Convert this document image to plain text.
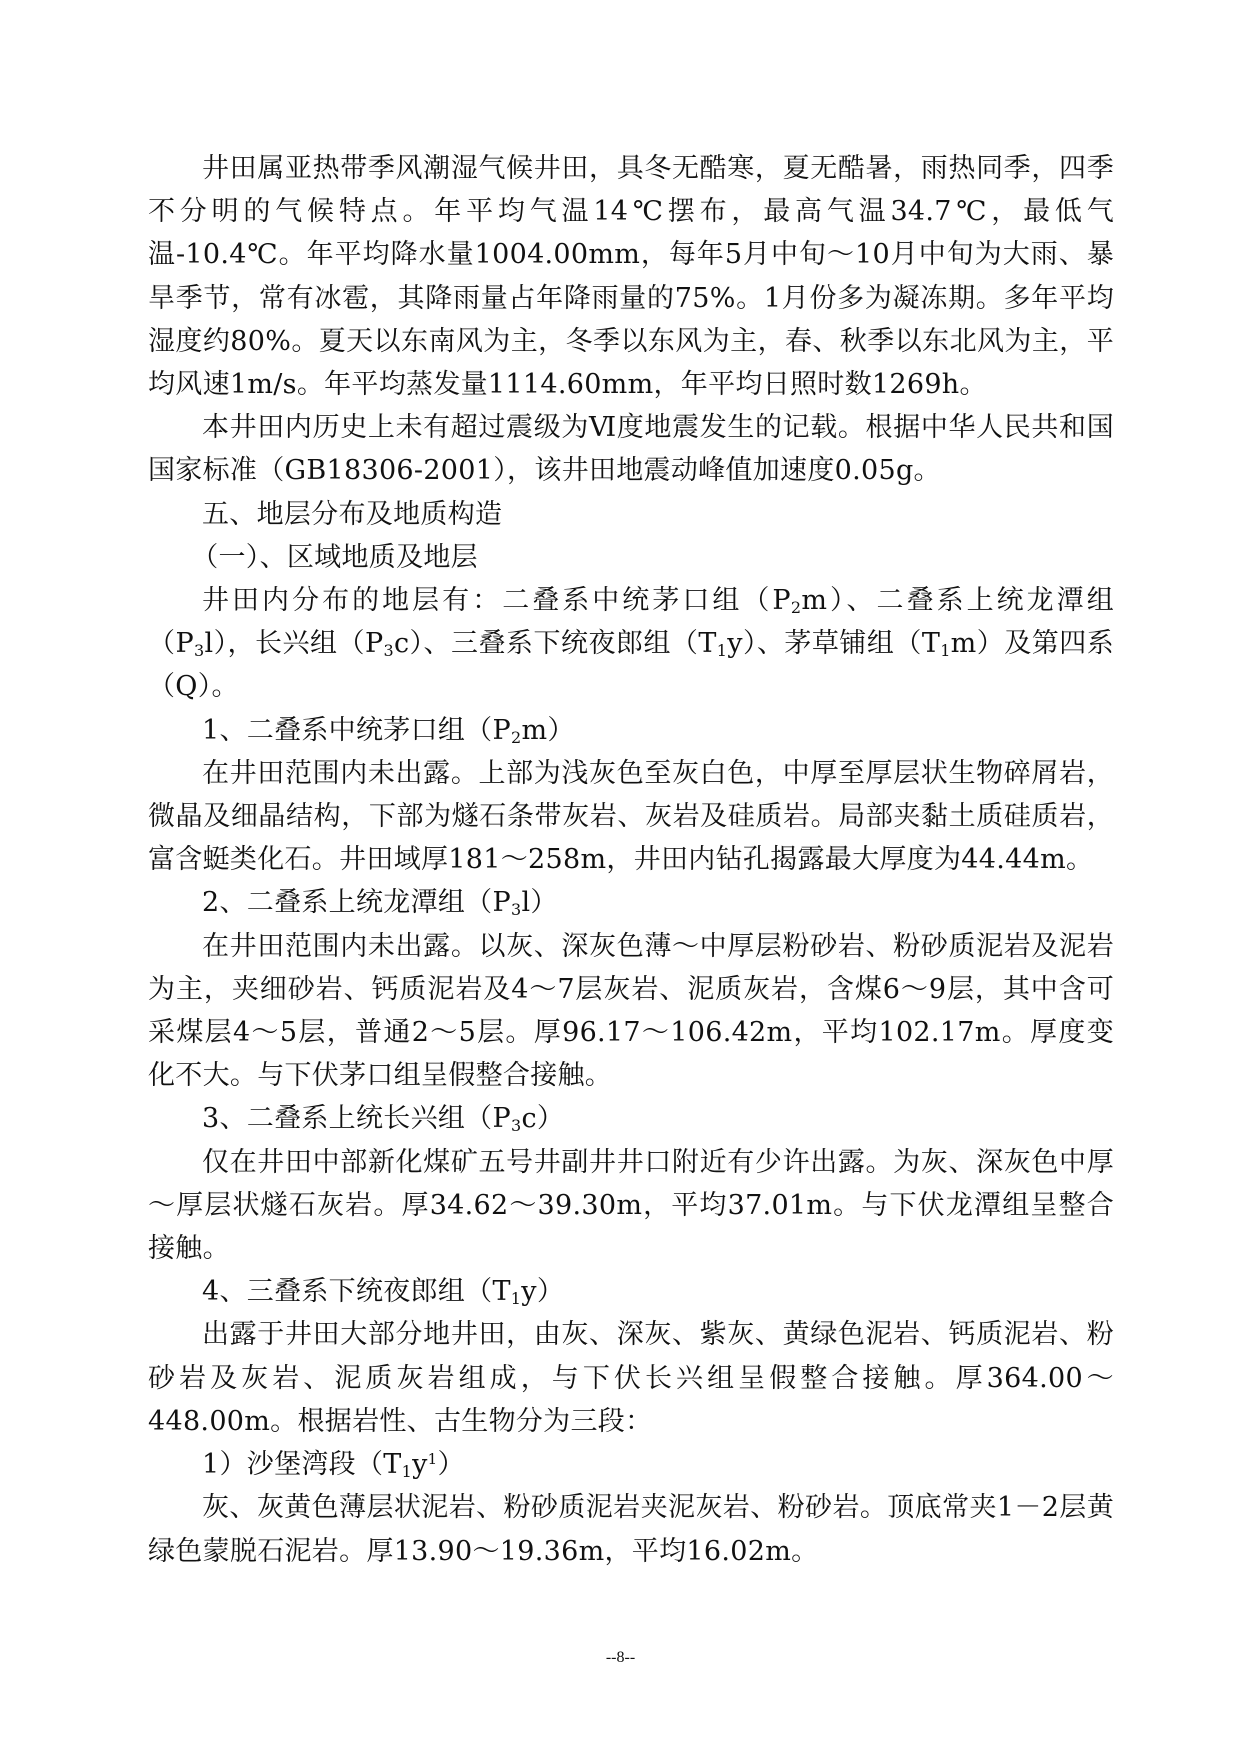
井田属亚热带季风潮湿气候井田，具冬无酷寒，夏无酷暑，雨热同季，四季不分明的气候特点。年平均气温14℃摆布，最高气温34.7℃，最低气温-10.4℃。年平均降水量1004.00mm，每年5月中旬～10月中旬为大雨、暴旱季节，常有冰雹，其降雨量占年降雨量的75%。1月份多为凝冻期。多年平均湿度约80%。夏天以东南风为主，冬季以东风为主，春、秋季以东北风为主，平均风速1m/s。年平均蒸发量1114.60mm，年平均日照时数1269h。

本井田内历史上未有超过震级为Ⅵ度地震发生的记载。根据中华人民共和国国家标准（GB18306-2001），该井田地震动峰值加速度0.05g。

五、地层分布及地质构造

（一）、区域地质及地层

井田内分布的地层有：二叠系中统茅口组$(P_2m)$、二叠系上统龙潭组$(P_3l)$，长兴组$(P_3c)$、三叠系下统夜郎组$(T_1y)$、茅草铺组$(T_1m)$及第四系（Q）。

1、二叠系中统茅口组$(P_2m)$

在井田范围内未出露。上部为浅灰色至灰白色，中厚至厚层状生物碎屑岩，微晶及细晶结构，下部为燧石条带灰岩、灰岩及硅质岩。局部夹黏土质硅质岩，富含蜓类化石。井田域厚181～258m，井田内钻孔揭露最大厚度为44.44m。

2、二叠系上统龙潭组$(P_3l)$

在井田范围内未出露。以灰、深灰色薄～中厚层粉砂岩、粉砂质泥岩及泥岩为主，夹细砂岩、钙质泥岩及4～7层灰岩、泥质灰岩，含煤6～9层，其中含可采煤层4～5层，普通2～5层。厚96.17～106.42m，平均102.17m。厚度变化不大。与下伏茅口组呈假整合接触。

3、二叠系上统长兴组$(P_3c)$

仅在井田中部新化煤矿五号井副井井口附近有少许出露。为灰、深灰色中厚～厚层状燧石灰岩。厚34.62～39.30m，平均37.01m。与下伏龙潭组呈整合接触。

4、三叠系下统夜郎组$(T_1y)$

出露于井田大部分地井田，由灰、深灰、紫灰、黄绿色泥岩、钙质泥岩、粉砂岩及灰岩、泥质灰岩组成，与下伏长兴组呈假整合接触。厚364.00～448.00m。根据岩性、古生物分为三段：

1）沙堡湾段$(T_1y^1)$

灰、灰黄色薄层状泥岩、粉砂质泥岩夹泥灰岩、粉砂岩。顶底常夹1－2层黄绿色蒙脱石泥岩。厚13.90～19.36m，平均16.02m。

--8--
